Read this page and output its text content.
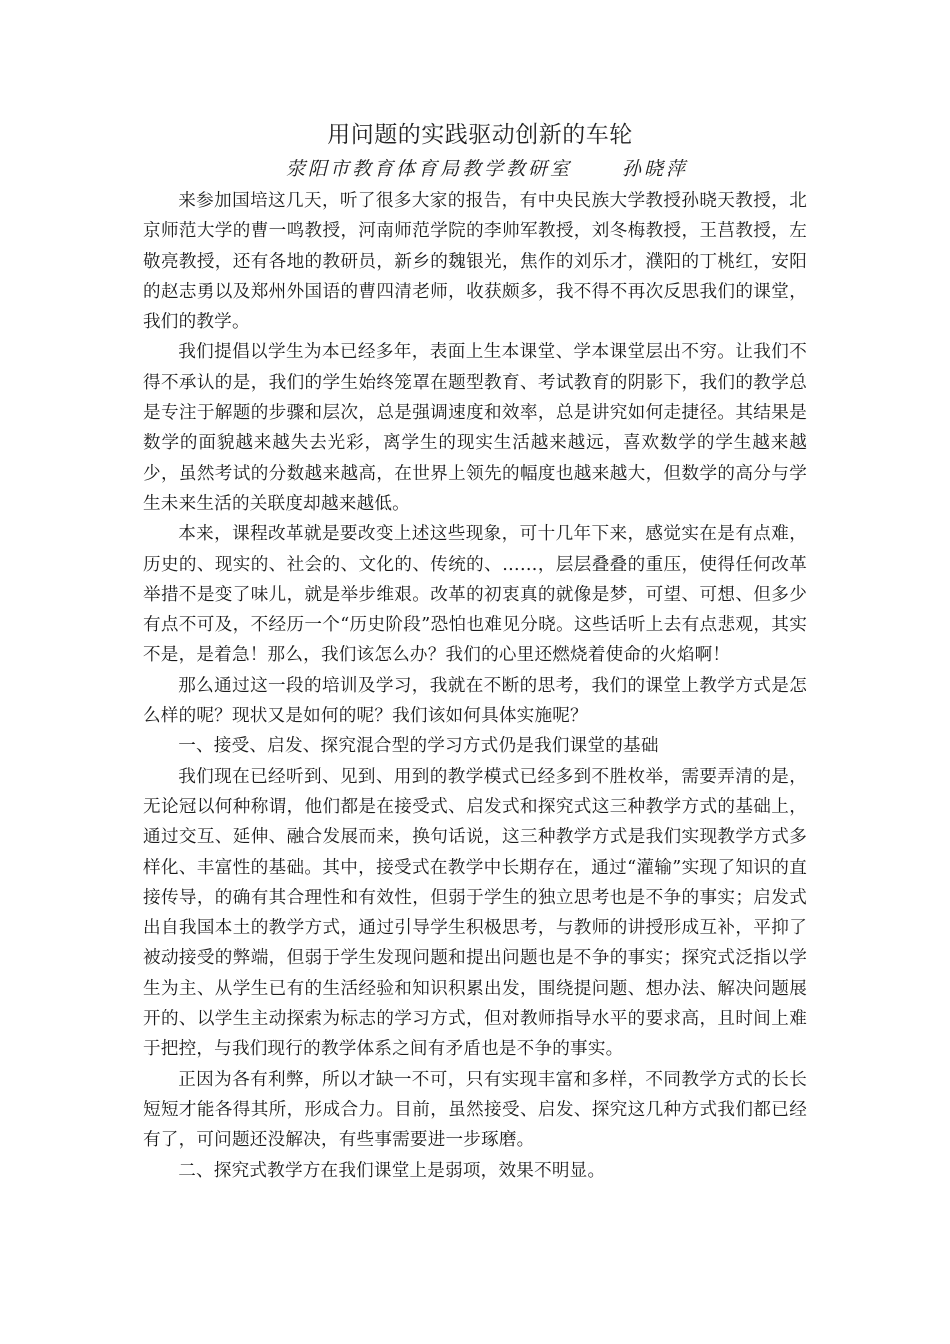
用问题的实践驱动创新的车轮
荥阳市教育体育局教学教研室	孙晓萍

来参加国培这几天，听了很多大家的报告，有中央民族大学教授孙晓天教授，北京师范大学的曹一鸣教授，河南师范学院的李帅军教授，刘冬梅教授，王莒教授，左敬亮教授，还有各地的教研员，新乡的魏银光，焦作的刘乐才，濮阳的丁桃红，安阳的赵志勇以及郑州外国语的曹四清老师，收获颇多，我不得不再次反思我们的课堂，我们的教学。

我们提倡以学生为本已经多年，表面上生本课堂、学本课堂层出不穷。让我们不得不承认的是，我们的学生始终笼罩在题型教育、考试教育的阴影下，我们的教学总是专注于解题的步骤和层次，总是强调速度和效率，总是讲究如何走捷径。其结果是数学的面貌越来越失去光彩，离学生的现实生活越来越远，喜欢数学的学生越来越少，虽然考试的分数越来越高，在世界上领先的幅度也越来越大，但数学的高分与学生未来生活的关联度却越来越低。

本来，课程改革就是要改变上述这些现象，可十几年下来，感觉实在是有点难，历史的、现实的、社会的、文化的、传统的、……，层层叠叠的重压，使得任何改革举措不是变了味儿，就是举步维艰。改革的初衷真的就像是梦，可望、可想、但多少有点不可及，不经历一个“历史阶段”恐怕也难见分晓。这些话听上去有点悲观，其实不是，是着急！那么，我们该怎么办？我们的心里还燃烧着使命的火焰啊！

那么通过这一段的培训及学习，我就在不断的思考，我们的课堂上教学方式是怎么样的呢？现状又是如何的呢？我们该如何具体实施呢？

一、接受、启发、探究混合型的学习方式仍是我们课堂的基础

我们现在已经听到、见到、用到的教学模式已经多到不胜枚举，需要弄清的是，无论冠以何种称谓，他们都是在接受式、启发式和探究式这三种教学方式的基础上，通过交互、延伸、融合发展而来，换句话说，这三种教学方式是我们实现教学方式多样化、丰富性的基础。其中，接受式在教学中长期存在，通过“灌输”实现了知识的直接传导，的确有其合理性和有效性，但弱于学生的独立思考也是不争的事实；启发式出自我国本土的教学方式，通过引导学生积极思考，与教师的讲授形成互补，平抑了被动接受的弊端，但弱于学生发现问题和提出问题也是不争的事实；探究式泛指以学生为主、从学生已有的生活经验和知识积累出发，围绕提问题、想办法、解决问题展开的、以学生主动探索为标志的学习方式，但对教师指导水平的要求高，且时间上难于把控，与我们现行的教学体系之间有矛盾也是不争的事实。

正因为各有利弊，所以才缺一不可，只有实现丰富和多样，不同教学方式的长长短短才能各得其所，形成合力。目前，虽然接受、启发、探究这几种方式我们都已经有了，可问题还没解决，有些事需要进一步琢磨。

二、探究式教学方在我们课堂上是弱项，效果不明显。
